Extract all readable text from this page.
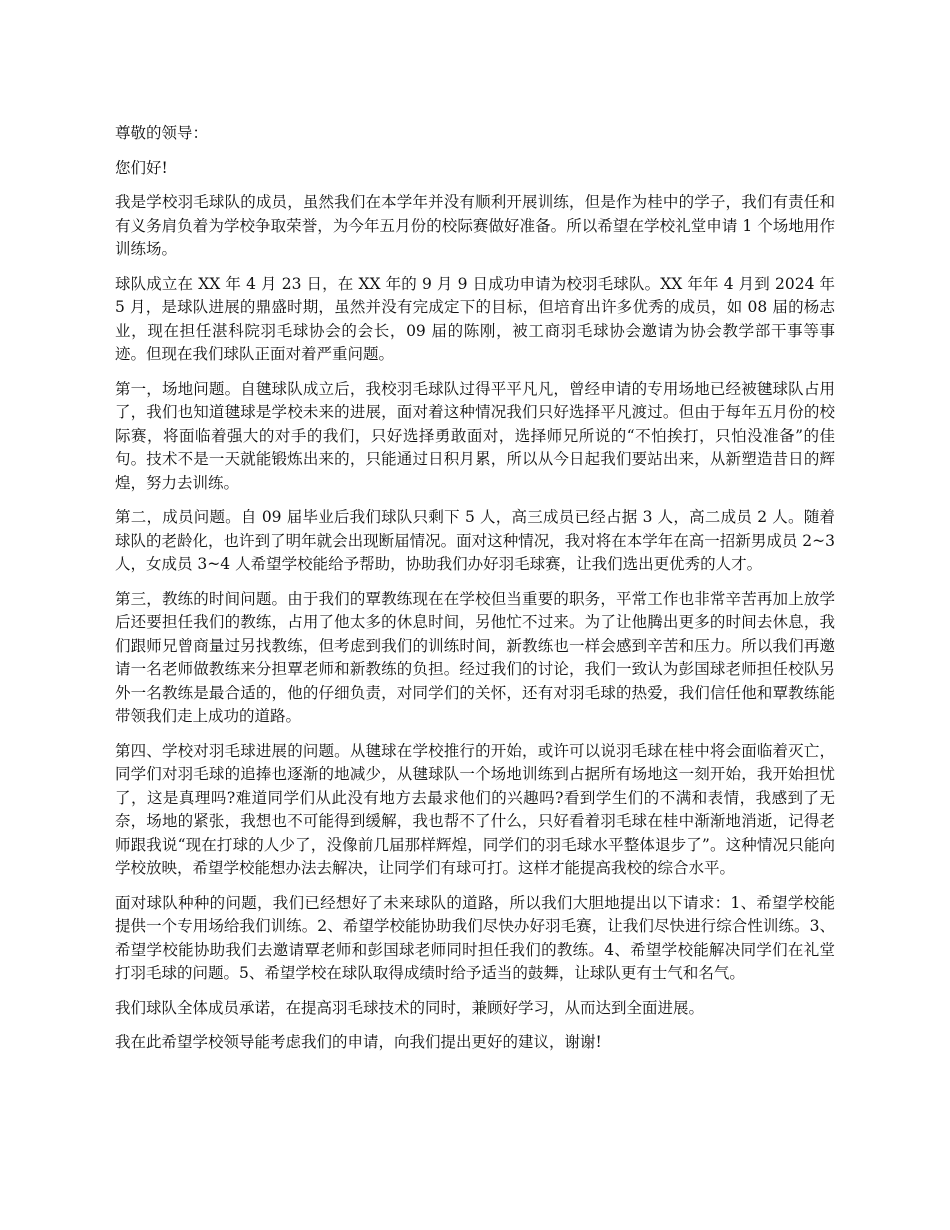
尊敬的领导：

您们好!

我是学校羽毛球队的成员，虽然我们在本学年并没有顺利开展训练，但是作为桂中的学子，我们有责任和有义务肩负着为学校争取荣誉，为今年五月份的校际赛做好准备。所以希望在学校礼堂申请 1 个场地用作训练场。

球队成立在 XX 年 4 月 23 日，在 XX 年的 9 月 9 日成功申请为校羽毛球队。XX 年年 4 月到 2024 年 5 月，是球队进展的鼎盛时期，虽然并没有完成定下的目标，但培育出许多优秀的成员，如 08 届的杨志业，现在担任湛科院羽毛球协会的会长，09 届的陈刚，被工商羽毛球协会邀请为协会教学部干事等事迹。但现在我们球队正面对着严重问题。

第一，场地问题。自毽球队成立后，我校羽毛球队过得平平凡凡，曾经申请的专用场地已经被毽球队占用了，我们也知道毽球是学校未来的进展，面对着这种情况我们只好选择平凡渡过。但由于每年五月份的校际赛，将面临着强大的对手的我们，只好选择勇敢面对，选择师兄所说的“不怕挨打，只怕没准备”的佳句。技术不是一天就能锻炼出来的，只能通过日积月累，所以从今日起我们要站出来，从新塑造昔日的辉煌，努力去训练。

第二，成员问题。自 09 届毕业后我们球队只剩下 5 人，高三成员已经占据 3 人，高二成员 2 人。随着球队的老龄化，也许到了明年就会出现断届情况。面对这种情况，我对将在本学年在高一招新男成员 2~3 人，女成员 3~4 人希望学校能给予帮助，协助我们办好羽毛球赛，让我们选出更优秀的人才。

第三，教练的时间问题。由于我们的覃教练现在在学校但当重要的职务，平常工作也非常辛苦再加上放学后还要担任我们的教练，占用了他太多的休息时间，另他忙不过来。为了让他腾出更多的时间去休息，我们跟师兄曾商量过另找教练，但考虑到我们的训练时间，新教练也一样会感到辛苦和压力。所以我们再邀请一名老师做教练来分担覃老师和新教练的负担。经过我们的讨论，我们一致认为彭国球老师担任校队另外一名教练是最合适的，他的仔细负责，对同学们的关怀，还有对羽毛球的热爱，我们信任他和覃教练能带领我们走上成功的道路。

第四、学校对羽毛球进展的问题。从毽球在学校推行的开始，或许可以说羽毛球在桂中将会面临着灭亡，同学们对羽毛球的追捧也逐渐的地减少，从毽球队一个场地训练到占据所有场地这一刻开始，我开始担忧了，这是真理吗?难道同学们从此没有地方去最求他们的兴趣吗?看到学生们的不满和表情，我感到了无奈，场地的紧张，我想也不可能得到缓解，我也帮不了什么，只好看着羽毛球在桂中渐渐地消逝，记得老师跟我说“现在打球的人少了，没像前几届那样辉煌，同学们的羽毛球水平整体退步了”。这种情况只能向学校放映，希望学校能想办法去解决，让同学们有球可打。这样才能提高我校的综合水平。

面对球队种种的问题，我们已经想好了未来球队的道路，所以我们大胆地提出以下请求：1、希望学校能提供一个专用场给我们训练。2、希望学校能协助我们尽快办好羽毛赛，让我们尽快进行综合性训练。3、希望学校能协助我们去邀请覃老师和彭国球老师同时担任我们的教练。4、希望学校能解决同学们在礼堂打羽毛球的问题。5、希望学校在球队取得成绩时给予适当的鼓舞，让球队更有士气和名气。

我们球队全体成员承诺，在提高羽毛球技术的同时，兼顾好学习，从而达到全面进展。

我在此希望学校领导能考虑我们的申请，向我们提出更好的建议，谢谢!
